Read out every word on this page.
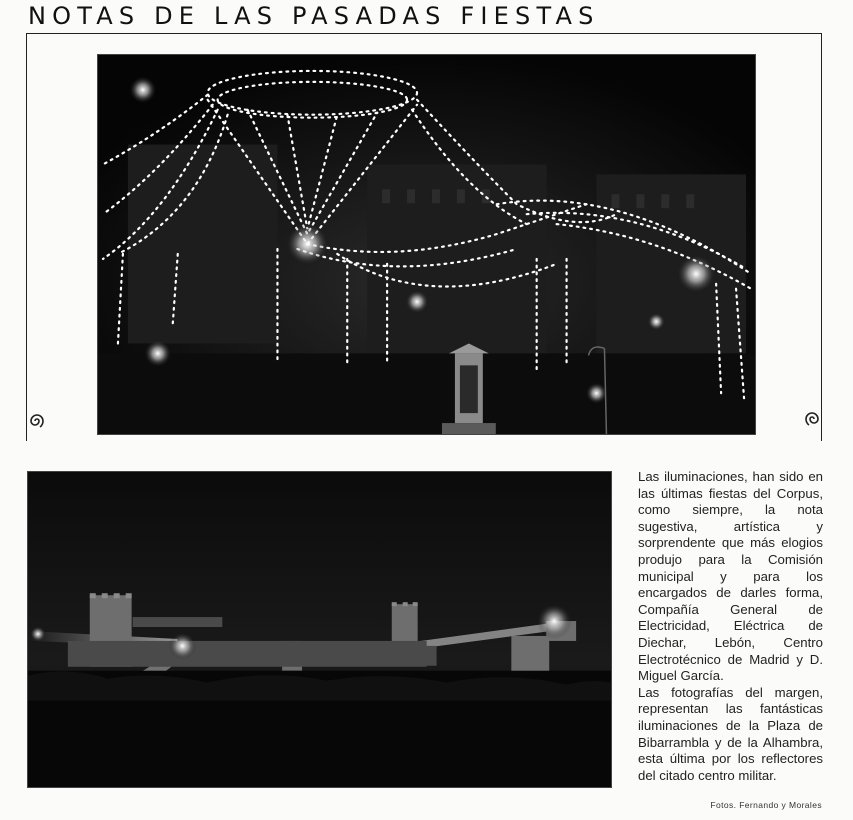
NOTAS DE LAS PASADAS FIESTAS

Las iluminaciones, han sido en las últimas fiestas del Corpus, como siempre, la nota sugestiva, artística y sorprendente que más elogios produjo para la Comisión municipal y para los encargados de darles forma, Compañía General de Electricidad, Eléctrica de Diechar, Lebón, Centro Electrotécnico de Madrid y D. Miguel García.

Las fotografías del margen, representan las fantásticas iluminaciones de la Plaza de Bibarrambla y de la Alhambra, esta última por los reflectores del citado centro militar.

Fotos. Fernando y Morales
